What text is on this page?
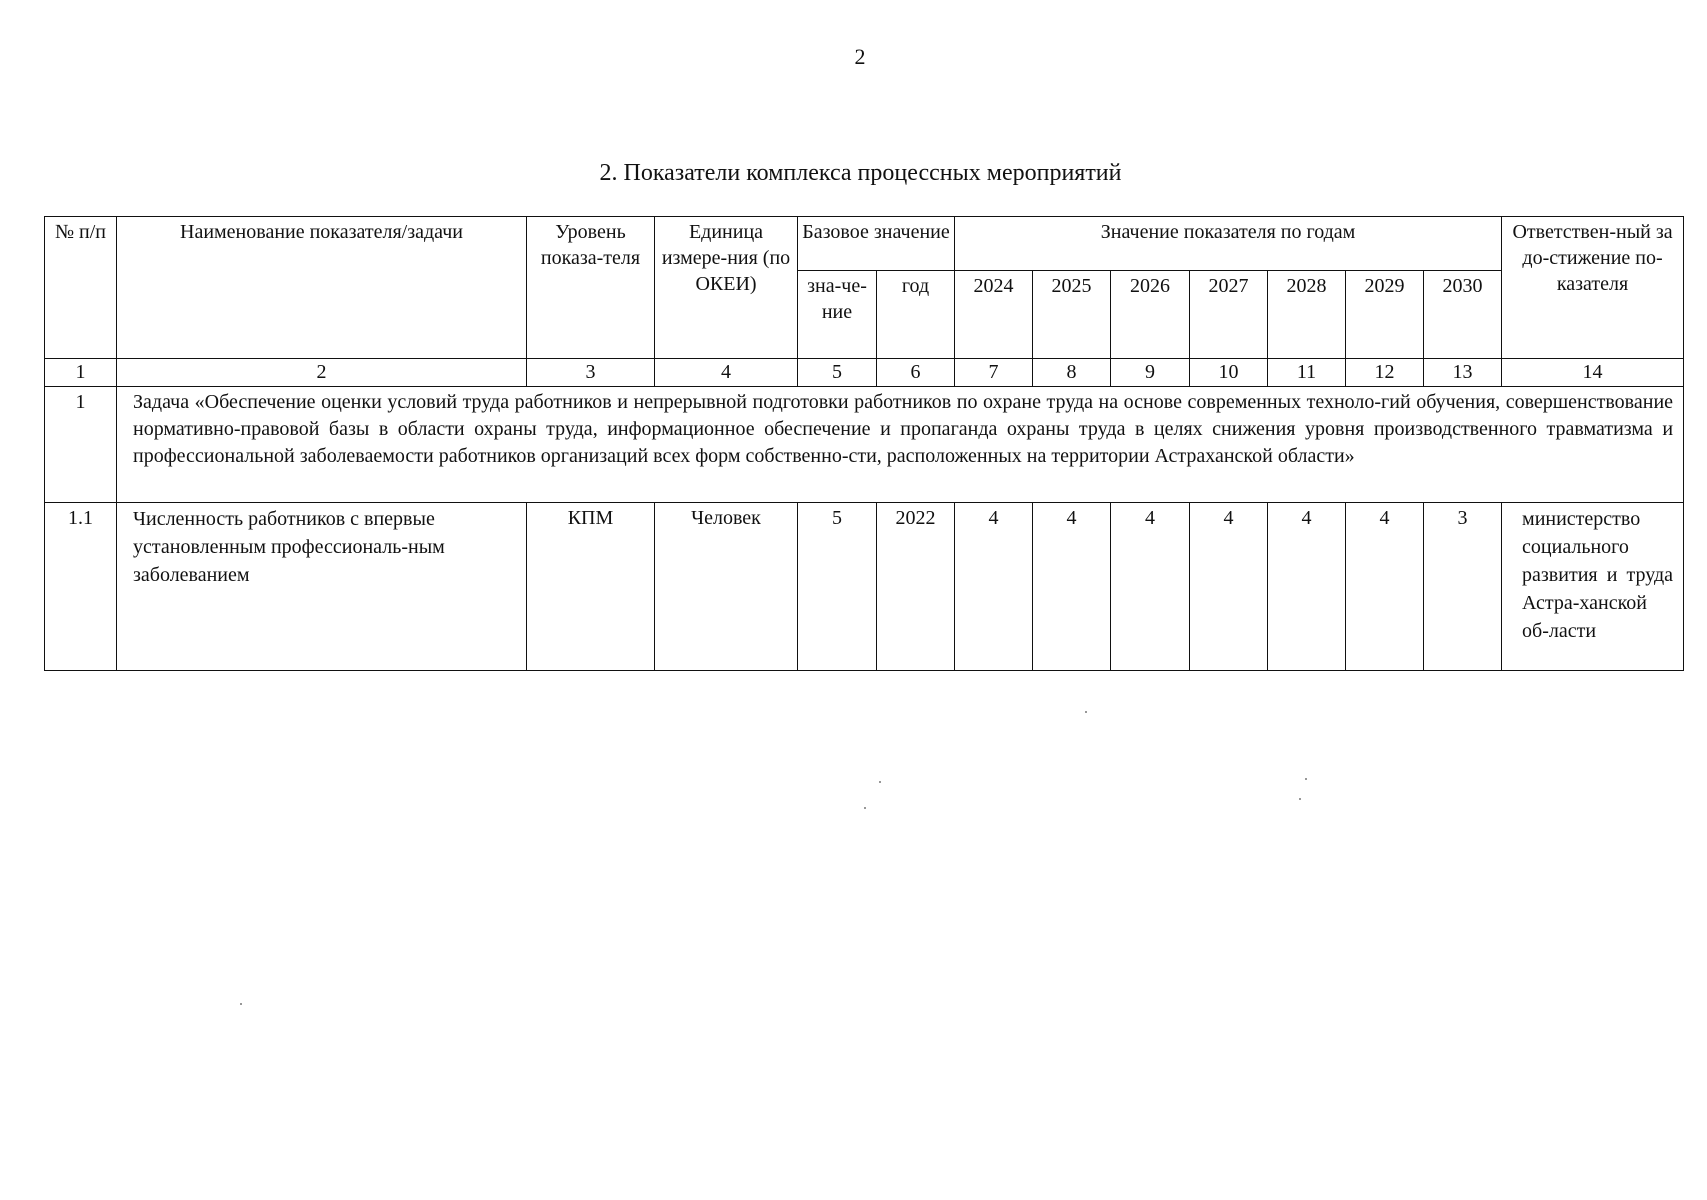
2
2. Показатели комплекса процессных мероприятий
№ п/п	Наименование показателя/задачи	Уровень показа-теля	Единица измере-ния (по ОКЕИ)	Базовое значение		Значение показателя по годам							Ответствен-ный за до-стижение по-казателя
				зна-че-ние	год	2024	2025	2026	2027	2028	2029	2030	
1	2	3	4	5	6	7	8	9	10	11	12	13	14
1	Задача «Обеспечение оценки условий труда работников и непрерывной подготовки работников по охране труда на основе современных техноло-гий обучения, совершенствование нормативно-правовой базы в области охраны труда, информационное обеспечение и пропаганда охраны труда в целях снижения уровня производственного травматизма и профессиональной заболеваемости работников организаций всех форм собственно-сти, расположенных на территории Астраханской области»												
1.1	Численность работников с впервые установленным профессиональ-ным заболеванием	КПМ	Человек	5	2022	4	4	4	4	4	4	3	министерство социального развития и труда Астра-ханской об-ласти
